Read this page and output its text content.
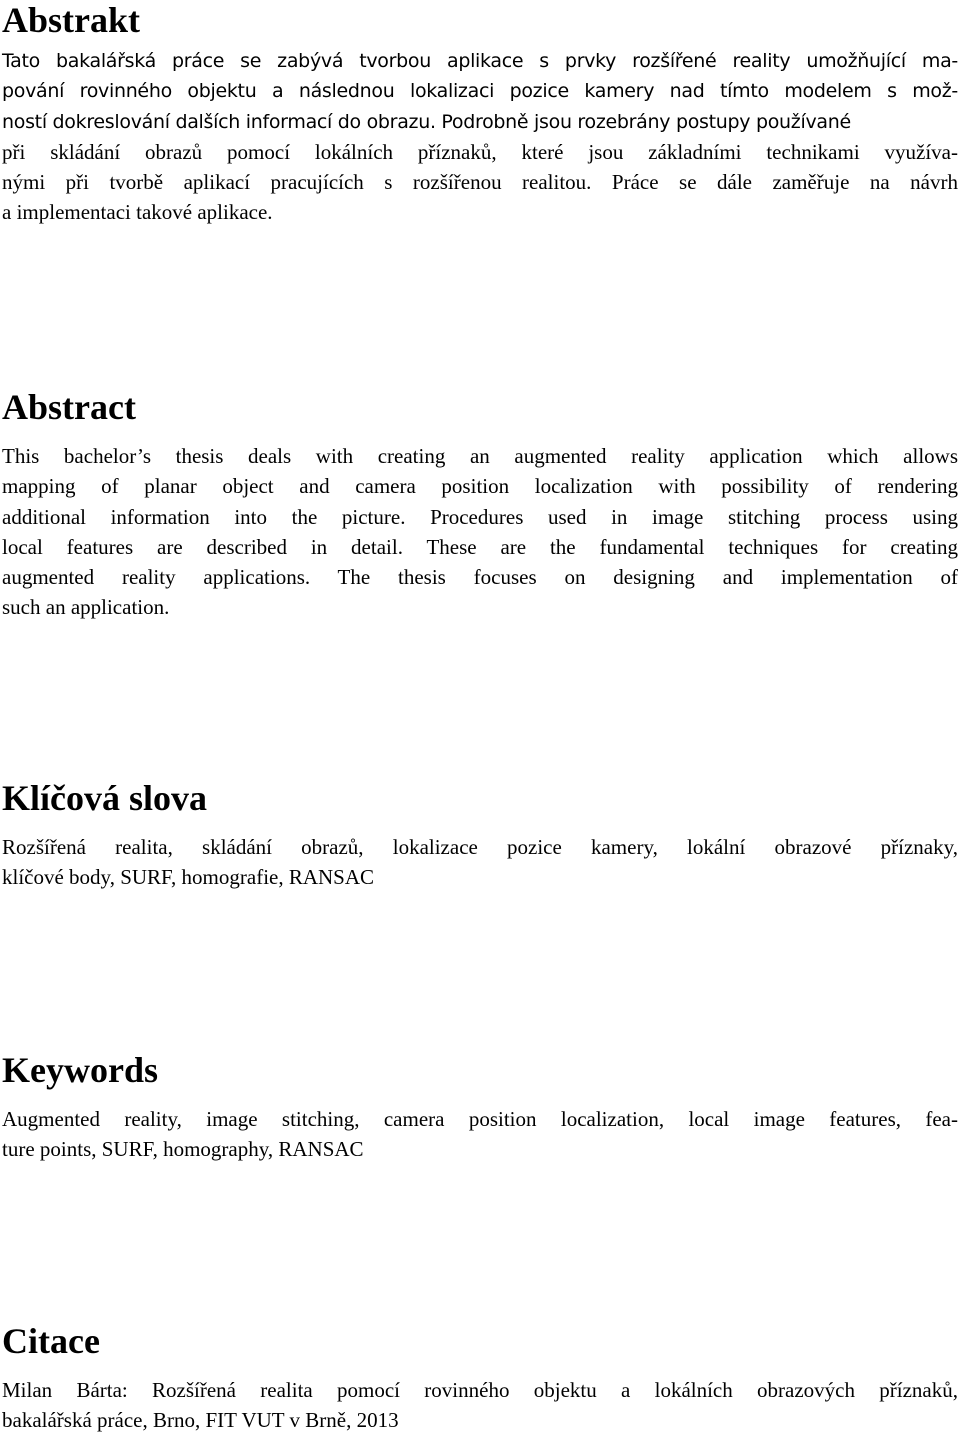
Abstrakt

Tato bakalářská práce se zabývá tvorbou aplikace s prvky rozšířené reality umožňující ma-
pování rovinného objektu a následnou lokalizaci pozice kamery nad tímto modelem s mož-
ností dokreslování dalších informací do obrazu. Podrobně jsou rozebrány postupy používané
při skládání obrazů pomocí lokálních příznaků, které jsou základními technikami využíva-
nými při tvorbě aplikací pracujících s rozšířenou realitou. Práce se dále zaměřuje na návrh
a implementaci takové aplikace.

Abstract

This bachelor’s thesis deals with creating an augmented reality application which allows
mapping of planar object and camera position localization with possibility of rendering
additional information into the picture. Procedures used in image stitching process using
local features are described in detail. These are the fundamental techniques for creating
augmented reality applications. The thesis focuses on designing and implementation of
such an application.

Klíčová slova

Rozšířená realita, skládání obrazů, lokalizace pozice kamery, lokální obrazové příznaky,
klíčové body, SURF, homografie, RANSAC

Keywords

Augmented reality, image stitching, camera position localization, local image features, fea-
ture points, SURF, homography, RANSAC

Citace

Milan Bárta: Rozšířená realita pomocí rovinného objektu a lokálních obrazových příznaků,
bakalářská práce, Brno, FIT VUT v Brně, 2013
